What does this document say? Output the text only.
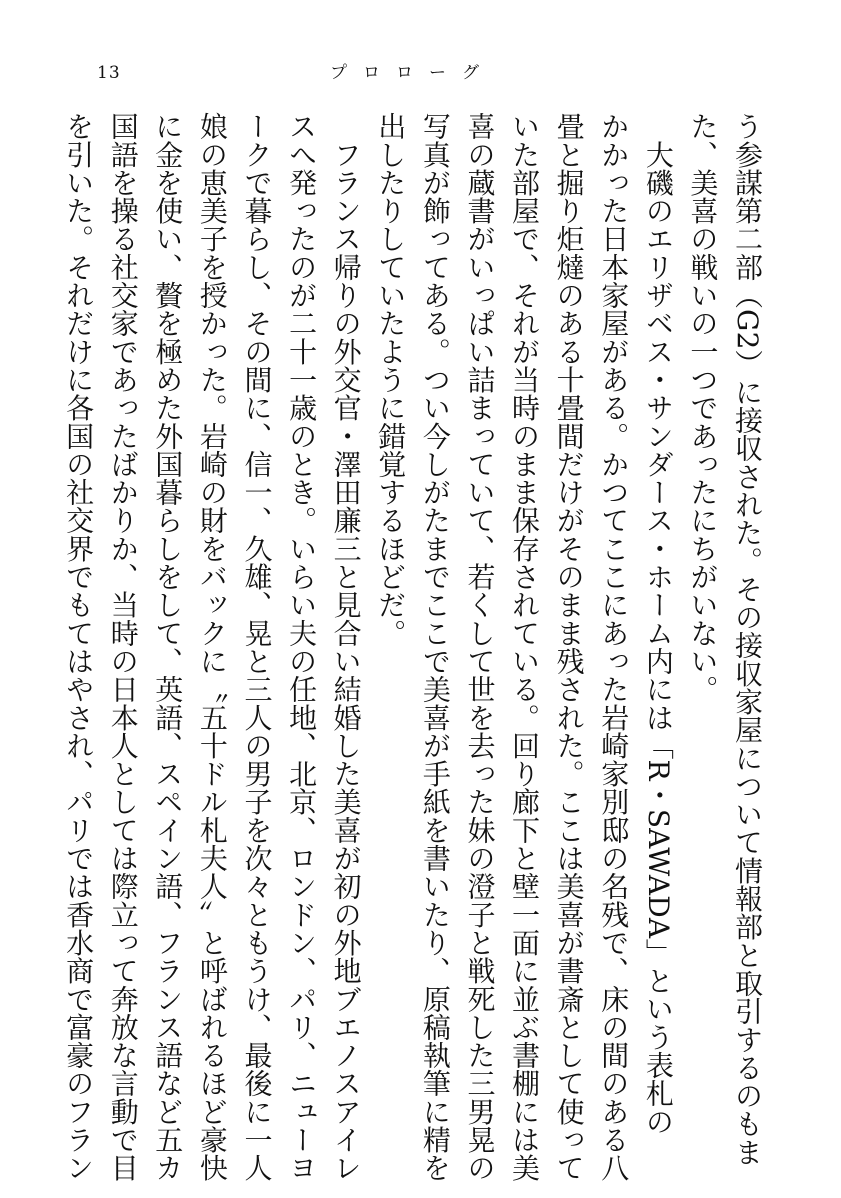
13	プロローグ
う参謀第二部（G2）に接収された。その接収家屋について情報部と取引するのもま
た、美喜の戦いの一つであったにちがいない。
　大磯のエリザベス・サンダース・ホーム内には「R・SAWADA」という表札の
かかった日本家屋がある。かつてここにあった岩崎家別邸の名残で、床の間のある八
畳と掘り炬燵のある十畳間だけがそのまま残された。ここは美喜が書斎として使って
いた部屋で、それが当時のまま保存されている。回り廊下と壁一面に並ぶ書棚には美
喜の蔵書がいっぱい詰まっていて、若くして世を去った妹の澄子と戦死した三男晃の
写真が飾ってある。つい今しがたまでここで美喜が手紙を書いたり、原稿執筆に精を
出したりしていたように錯覚するほどだ。
　フランス帰りの外交官・澤田廉三と見合い結婚した美喜が初の外地ブエノスアイレ
スへ発ったのが二十一歳のとき。いらい夫の任地、北京、ロンドン、パリ、ニューヨ
ークで暮らし、その間に、信一、久雄、晃と三人の男子を次々ともうけ、最後に一人
娘の恵美子を授かった。岩崎の財をバックに〝五十ドル札夫人〟と呼ばれるほど豪快
に金を使い、贅を極めた外国暮らしをして、英語、スペイン語、フランス語など五カ
国語を操る社交家であったばかりか、当時の日本人としては際立って奔放な言動で目
を引いた。それだけに各国の社交界でもてはやされ、パリでは香水商で富豪のフラン
